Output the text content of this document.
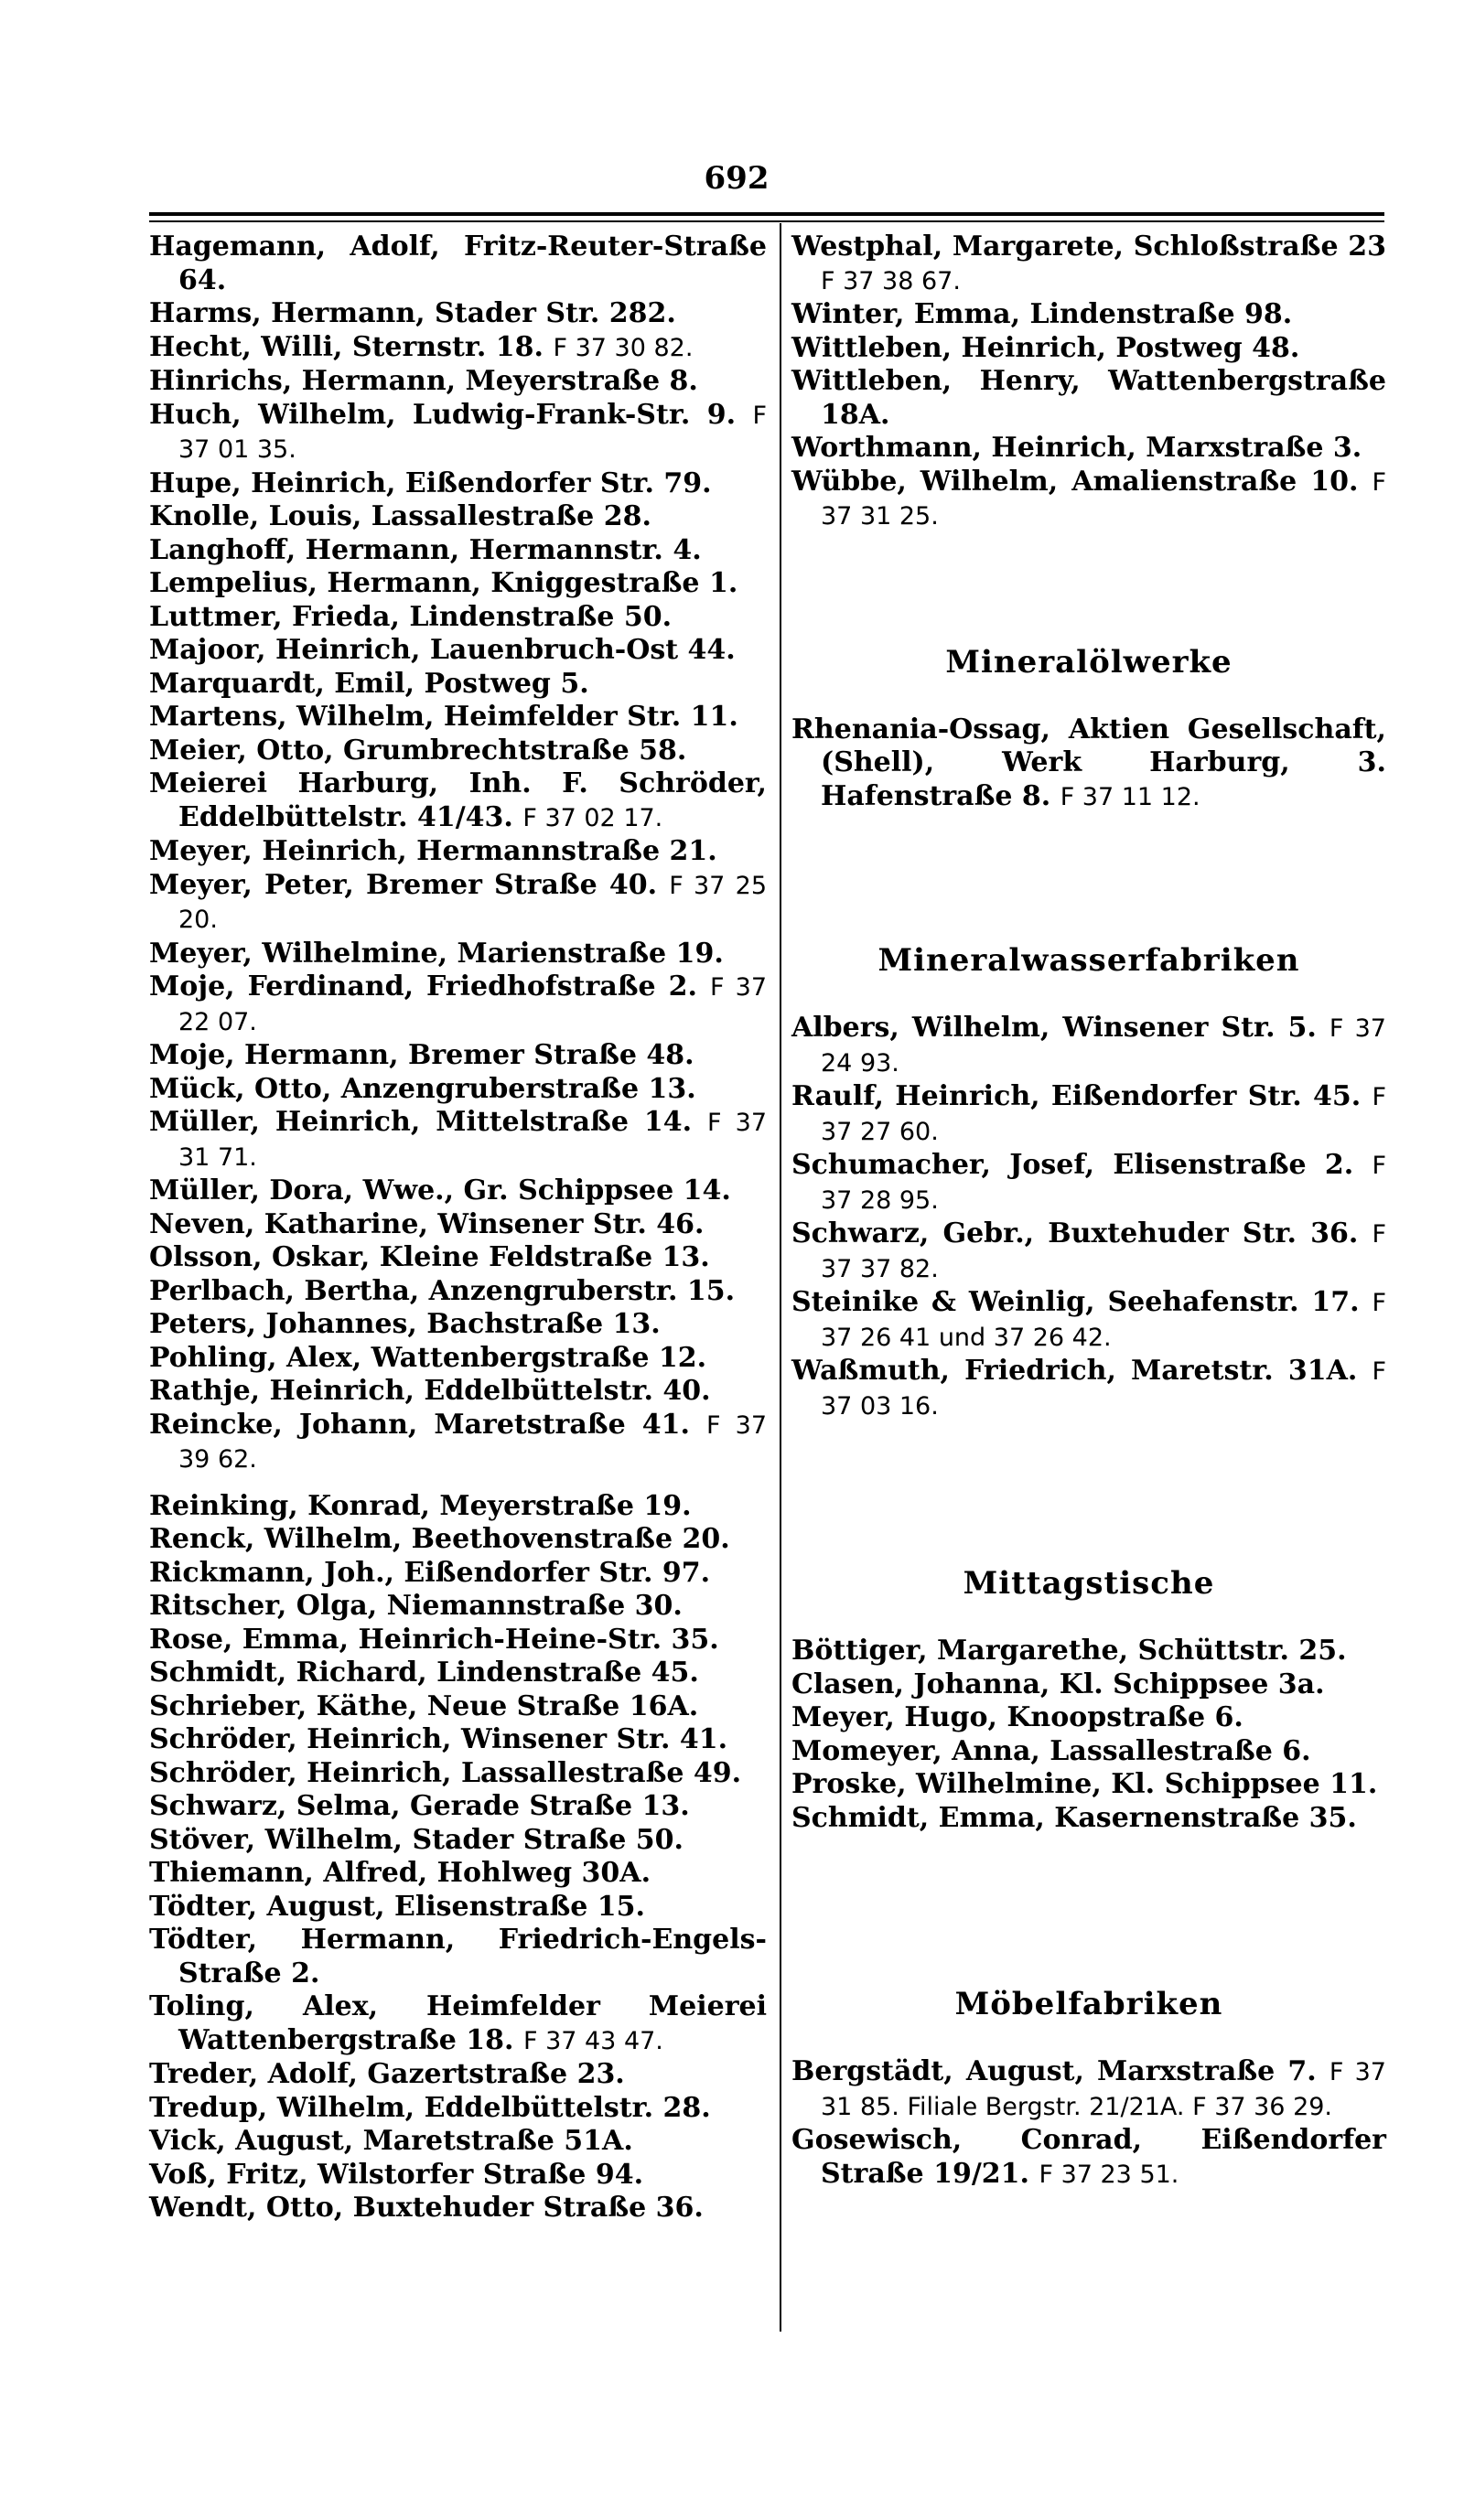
692
Hagemann, Adolf, Fritz-Reuter-Straße 64.
Harms, Hermann, Stader Str. 282.
Hecht, Willi, Sternstr. 18. F 37 30 82.
Hinrichs, Hermann, Meyerstraße 8.
Huch, Wilhelm, Ludwig-Frank-Str. 9. F 37 01 35.
Hupe, Heinrich, Eißendorfer Str. 79.
Knolle, Louis, Lassallestraße 28.
Langhoff, Hermann, Hermannstr. 4.
Lempelius, Hermann, Kniggestraße 1.
Luttmer, Frieda, Lindenstraße 50.
Majoor, Heinrich, Lauenbruch-Ost 44.
Marquardt, Emil, Postweg 5.
Martens, Wilhelm, Heimfelder Str. 11.
Meier, Otto, Grumbrechtstraße 58.
Meierei Harburg, Inh. F. Schröder, Eddelbüttelstr. 41/43. F 37 02 17.
Meyer, Heinrich, Hermannstraße 21.
Meyer, Peter, Bremer Straße 40. F 37 25 20.
Meyer, Wilhelmine, Marienstraße 19.
Moje, Ferdinand, Friedhofstraße 2. F 37 22 07.
Moje, Hermann, Bremer Straße 48.
Mück, Otto, Anzengruberstraße 13.
Müller, Heinrich, Mittelstraße 14. F 37 31 71.
Müller, Dora, Wwe., Gr. Schippsee 14.
Neven, Katharine, Winsener Str. 46.
Olsson, Oskar, Kleine Feldstraße 13.
Perlbach, Bertha, Anzengruberstr. 15.
Peters, Johannes, Bachstraße 13.
Pohling, Alex, Wattenbergstraße 12.
Rathje, Heinrich, Eddelbüttelstr. 40.
Reincke, Johann, Maretstraße 41. F 37 39 62.
Reinking, Konrad, Meyerstraße 19.
Renck, Wilhelm, Beethovenstraße 20.
Rickmann, Joh., Eißendorfer Str. 97.
Ritscher, Olga, Niemannstraße 30.
Rose, Emma, Heinrich-Heine-Str. 35.
Schmidt, Richard, Lindenstraße 45.
Schrieber, Käthe, Neue Straße 16A.
Schröder, Heinrich, Winsener Str. 41.
Schröder, Heinrich, Lassallestraße 49.
Schwarz, Selma, Gerade Straße 13.
Stöver, Wilhelm, Stader Straße 50.
Thiemann, Alfred, Hohlweg 30A.
Tödter, August, Elisenstraße 15.
Tödter, Hermann, Friedrich-Engels-Straße 2.
Toling, Alex, Heimfelder Meierei Wattenbergstraße 18. F 37 43 47.
Treder, Adolf, Gazertstraße 23.
Tredup, Wilhelm, Eddelbüttelstr. 28.
Vick, August, Maretstraße 51A.
Voß, Fritz, Wilstorfer Straße 94.
Wendt, Otto, Buxtehuder Straße 36.
Westphal, Margarete, Schloßstraße 23 F 37 38 67.
Winter, Emma, Lindenstraße 98.
Wittleben, Heinrich, Postweg 48.
Wittleben, Henry, Wattenbergstraße 18A.
Worthmann, Heinrich, Marxstraße 3.
Wübbe, Wilhelm, Amalienstraße 10. F 37 31 25.
Mineralölwerke
Rhenania-Ossag, Aktien Gesellschaft, (Shell), Werk Harburg, 3. Hafenstraße 8. F 37 11 12.
Mineralwasserfabriken
Albers, Wilhelm, Winsener Str. 5. F 37 24 93.
Raulf, Heinrich, Eißendorfer Str. 45. F 37 27 60.
Schumacher, Josef, Elisenstraße 2. F 37 28 95.
Schwarz, Gebr., Buxtehuder Str. 36. F 37 37 82.
Steinike & Weinlig, Seehafenstr. 17. F 37 26 41 und 37 26 42.
Waßmuth, Friedrich, Maretstr. 31A. F 37 03 16.
Mittagstische
Böttiger, Margarethe, Schüttstr. 25.
Clasen, Johanna, Kl. Schippsee 3a.
Meyer, Hugo, Knoopstraße 6.
Momeyer, Anna, Lassallestraße 6.
Proske, Wilhelmine, Kl. Schippsee 11.
Schmidt, Emma, Kasernenstraße 35.
Möbelfabriken
Bergstädt, August, Marxstraße 7. F 37 31 85. Filiale Bergstr. 21/21A. F 37 36 29.
Gosewisch, Conrad, Eißendorfer Straße 19/21. F 37 23 51.
